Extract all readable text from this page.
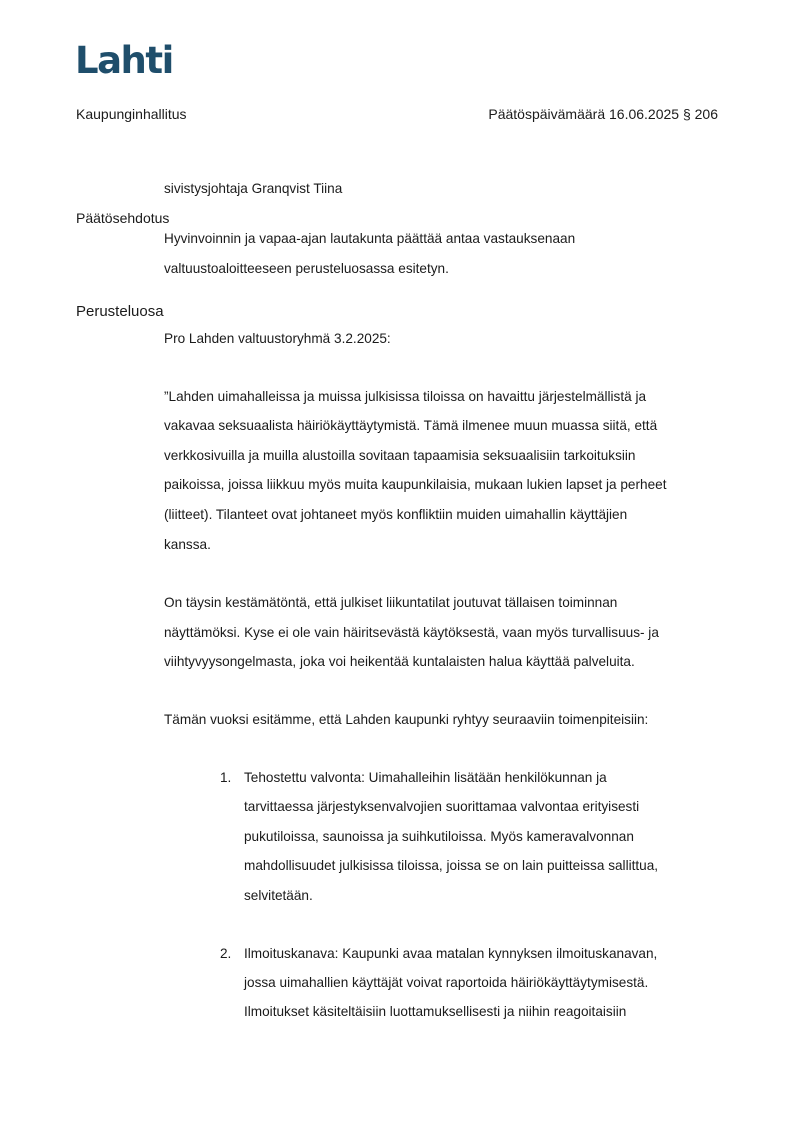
Lahti
Kaupunginhallitus	Päätöspäivämäärä 16.06.2025 § 206
sivistysjohtaja Granqvist Tiina
Päätösehdotus
Hyvinvoinnin ja vapaa-ajan lautakunta päättää antaa vastauksenaan
valtuustoaloitteeseen perusteluosassa esitetyn.
Perusteluosa
Pro Lahden valtuustoryhmä 3.2.2025:
”Lahden uimahalleissa ja muissa julkisissa tiloissa on havaittu järjestelmällistä ja
vakavaa seksuaalista häiriökäyttäytymistä. Tämä ilmenee muun muassa siitä, että
verkkosivuilla ja muilla alustoilla sovitaan tapaamisia seksuaalisiin tarkoituksiin
paikoissa, joissa liikkuu myös muita kaupunkilaisia, mukaan lukien lapset ja perheet
(liitteet). Tilanteet ovat johtaneet myös konfliktiin muiden uimahallin käyttäjien
kanssa.
On täysin kestämätöntä, että julkiset liikuntatilat joutuvat tällaisen toiminnan
näyttämöksi. Kyse ei ole vain häiritsevästä käytöksestä, vaan myös turvallisuus- ja
viihtyvyysongelmasta, joka voi heikentää kuntalaisten halua käyttää palveluita.
Tämän vuoksi esitämme, että Lahden kaupunki ryhtyy seuraaviin toimenpiteisiin:
1. Tehostettu valvonta: Uimahalleihin lisätään henkilökunnan ja
tarvittaessa järjestyksenvalvojien suorittamaa valvontaa erityisesti
pukutiloissa, saunoissa ja suihkutiloissa. Myös kameravalvonnan
mahdollisuudet julkisissa tiloissa, joissa se on lain puitteissa sallittua,
selvitetään.
2. Ilmoituskanava: Kaupunki avaa matalan kynnyksen ilmoituskanavan,
jossa uimahallien käyttäjät voivat raportoida häiriökäyttäytymisestä.
Ilmoitukset käsiteltäisiin luottamuksellisesti ja niihin reagoitaisiin
